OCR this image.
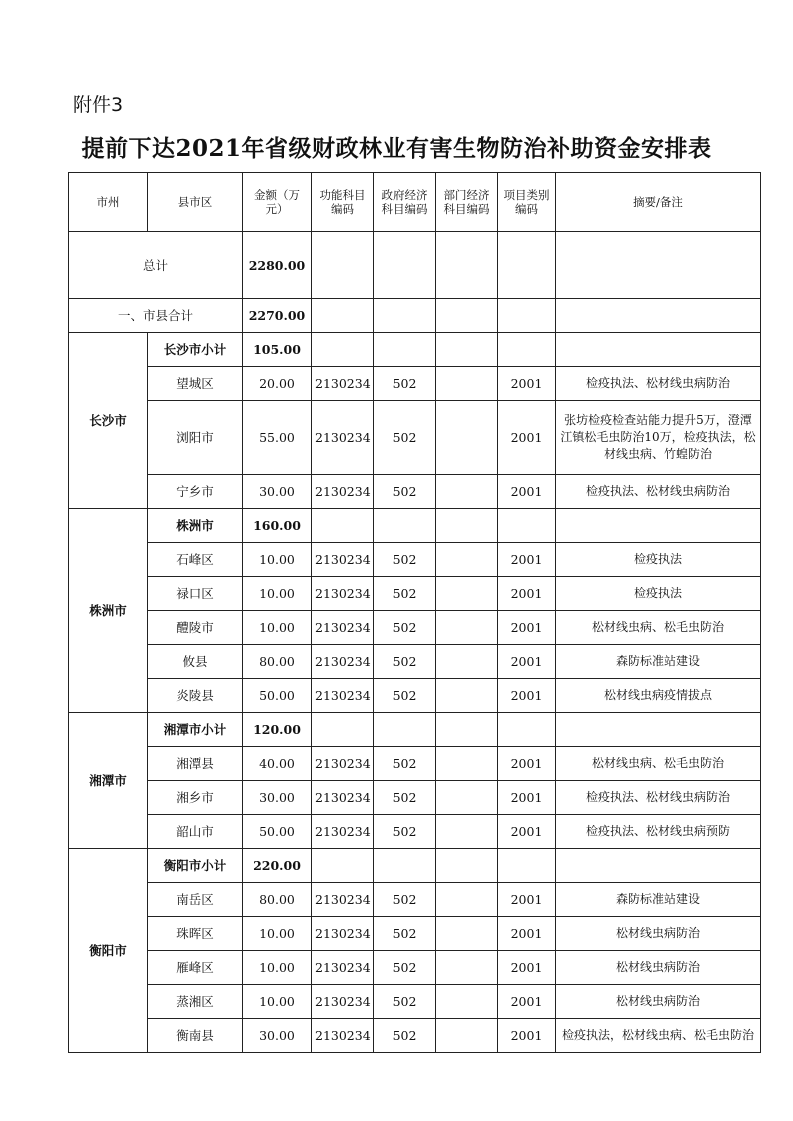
附件3
提前下达2021年省级财政林业有害生物防治补助资金安排表
市州	县市区	金额（万元）	功能科目编码	政府经济科目编码	部门经济科目编码	项目类别编码	摘要/备注
总计		2280.00					
一、市县合计		2270.00					
长沙市	长沙市小计	105.00					
	望城区	20.00	2130234	502		2001	检疫执法、松材线虫病防治
	浏阳市	55.00	2130234	502		2001	张坊检疫检查站能力提升5万，澄潭江镇松毛虫防治10万，检疫执法，松材线虫病、竹蝗防治
	宁乡市	30.00	2130234	502		2001	检疫执法、松材线虫病防治
株洲市	株洲市	160.00					
	石峰区	10.00	2130234	502		2001	检疫执法
	禄口区	10.00	2130234	502		2001	检疫执法
	醴陵市	10.00	2130234	502		2001	松材线虫病、松毛虫防治
	攸县	80.00	2130234	502		2001	森防标准站建设
	炎陵县	50.00	2130234	502		2001	松材线虫病疫情拔点
湘潭市	湘潭市小计	120.00					
	湘潭县	40.00	2130234	502		2001	松材线虫病、松毛虫防治
	湘乡市	30.00	2130234	502		2001	检疫执法、松材线虫病防治
	韶山市	50.00	2130234	502		2001	检疫执法、松材线虫病预防
衡阳市	衡阳市小计	220.00					
	南岳区	80.00	2130234	502		2001	森防标准站建设
	珠晖区	10.00	2130234	502		2001	松材线虫病防治
	雁峰区	10.00	2130234	502		2001	松材线虫病防治
	蒸湘区	10.00	2130234	502		2001	松材线虫病防治
	衡南县	30.00	2130234	502		2001	检疫执法，松材线虫病、松毛虫防治
